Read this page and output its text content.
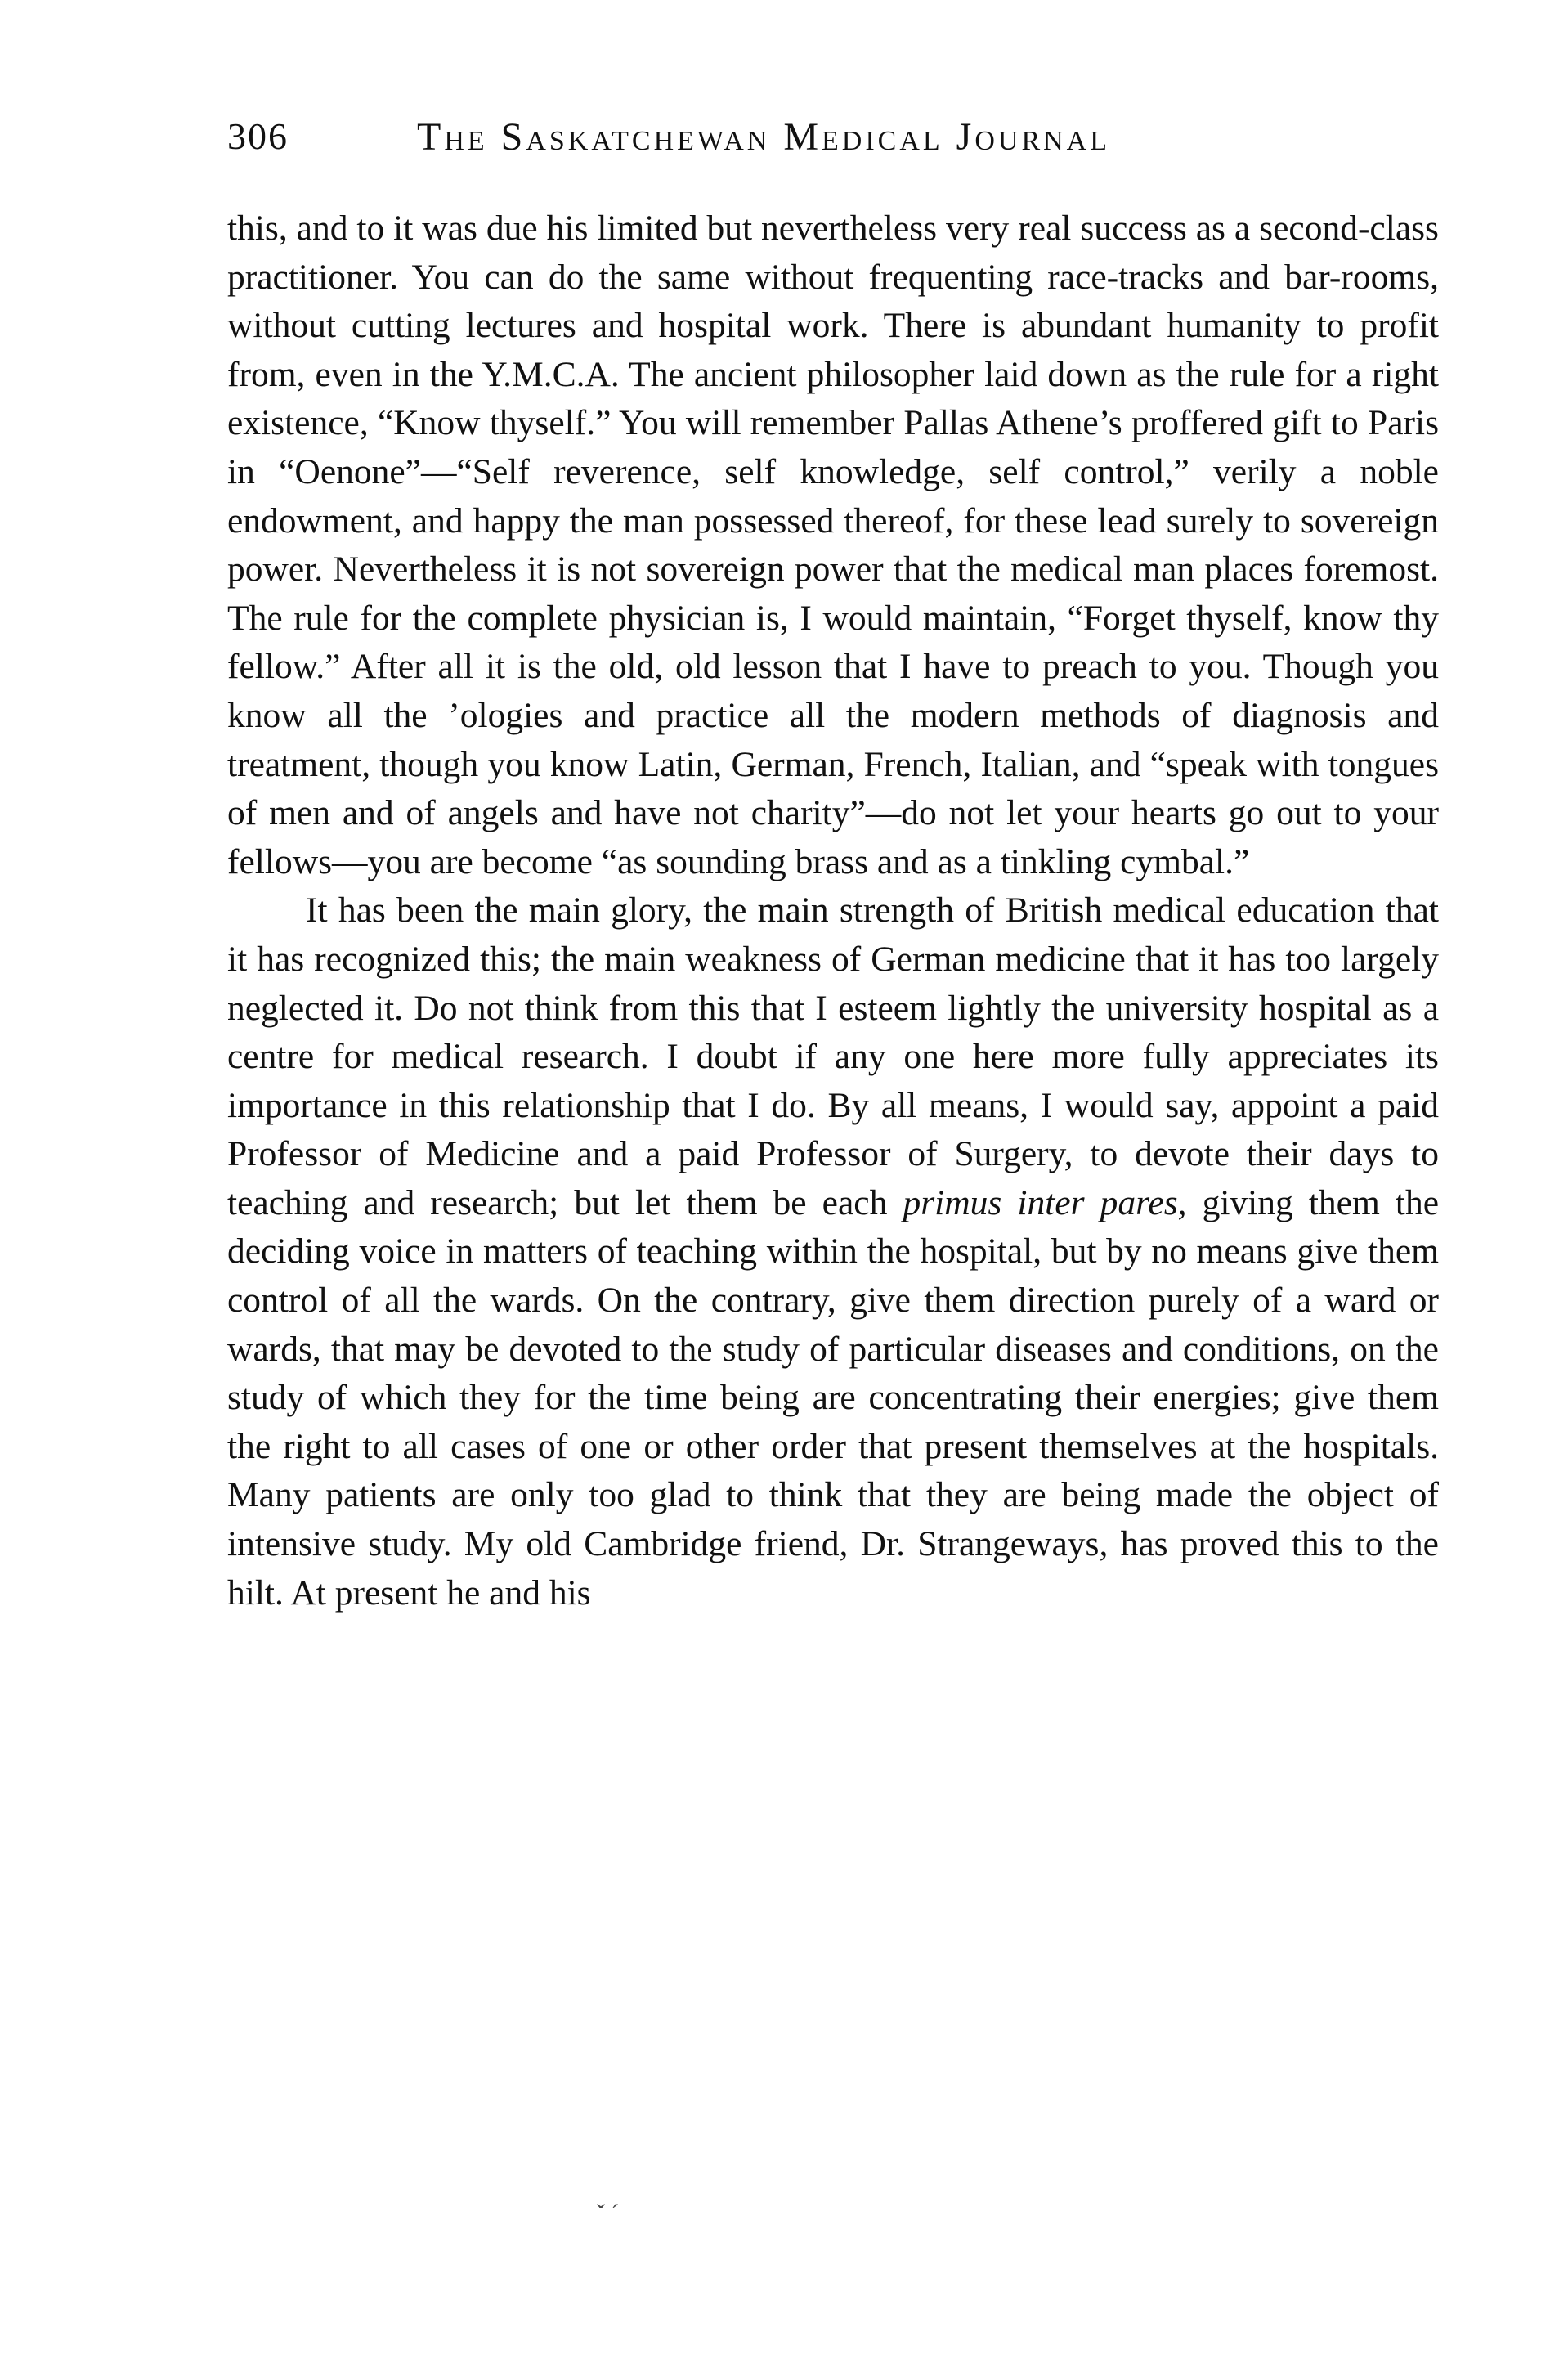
306	The Saskatchewan Medical Journal

this, and to it was due his limited but nevertheless very real success as a second-class practitioner. You can do the same without frequenting race-tracks and bar-rooms, without cutting lectures and hospital work. There is abundant humanity to profit from, even in the Y.M.C.A. The ancient philosopher laid down as the rule for a right existence, “Know thyself.” You will remember Pallas Athene’s proffered gift to Paris in “Oenone”—“Self reverence, self knowledge, self control,” verily a noble endowment, and happy the man possessed thereof, for these lead surely to sovereign power. Nevertheless it is not sovereign power that the medical man places foremost. The rule for the complete physician is, I would maintain, “Forget thyself, know thy fellow.” After all it is the old, old lesson that I have to preach to you. Though you know all the ’ologies and practice all the modern methods of diagnosis and treatment, though you know Latin, German, French, Italian, and “speak with tongues of men and of angels and have not charity”—do not let your hearts go out to your fellows—you are become “as sounding brass and as a tinkling cymbal.”

It has been the main glory, the main strength of British medical education that it has recognized this; the main weakness of German medicine that it has too largely neglected it. Do not think from this that I esteem lightly the university hospital as a centre for medical research. I doubt if any one here more fully appreciates its importance in this relationship that I do. By all means, I would say, appoint a paid Professor of Medicine and a paid Professor of Surgery, to devote their days to teaching and research; but let them be each primus inter pares, giving them the deciding voice in matters of teaching within the hospital, but by no means give them control of all the wards. On the contrary, give them direction purely of a ward or wards, that may be devoted to the study of particular diseases and conditions, on the study of which they for the time being are concentrating their energies; give them the right to all cases of one or other order that present themselves at the hospitals. Many patients are only too glad to think that they are being made the object of intensive study. My old Cambridge friend, Dr. Strangeways, has proved this to the hilt. At present he and his

ˇ ´
